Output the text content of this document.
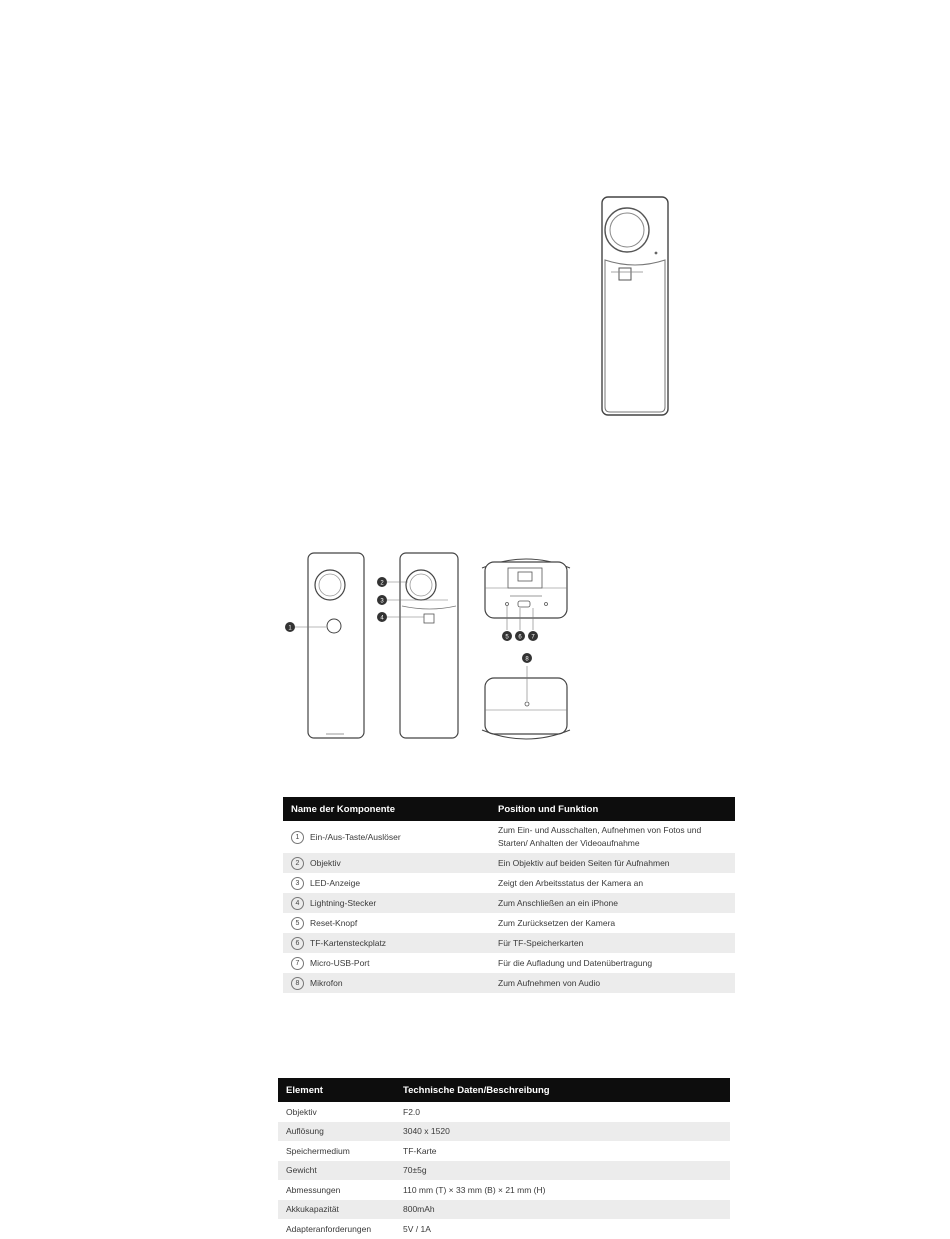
1
2
3
4
5 6 7
8
Name der Komponente	Position und Funktion
1 Ein-/Aus-Taste/Auslöser	Zum Ein- und Ausschalten, Aufnehmen von Fotos und Starten/ Anhalten der Videoaufnahme
2 Objektiv	Ein Objektiv auf beiden Seiten für Aufnahmen
3 LED-Anzeige	Zeigt den Arbeitsstatus der Kamera an
4 Lightning-Stecker	Zum Anschließen an ein iPhone
5 Reset-Knopf	Zum Zurücksetzen der Kamera
6 TF-Kartensteckplatz	Für TF-Speicherkarten
7 Micro-USB-Port	Für die Aufladung und Datenübertragung
8 Mikrofon	Zum Aufnehmen von Audio
Element	Technische Daten/Beschreibung
Objektiv	F2.0
Auflösung	3040 x 1520
Speichermedium	TF-Karte
Gewicht	70±5g
Abmessungen	110 mm (T) × 33 mm (B) × 21 mm (H)
Akkukapazität	800mAh
Adapteranforderungen	5V / 1A
